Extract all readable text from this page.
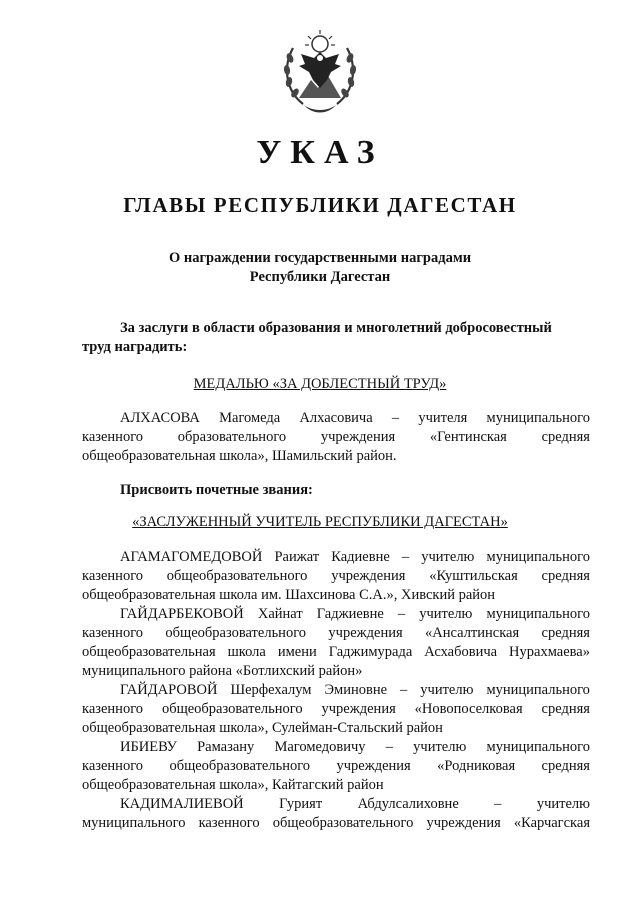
УКАЗ
ГЛАВЫ РЕСПУБЛИКИ ДАГЕСТАН
О награждении государственными наградами
Республики Дагестан
За заслуги в области образования и многолетний добросовестный
труд наградить:
МЕДАЛЬЮ «ЗА ДОБЛЕСТНЫЙ ТРУД»
АЛХАСОВА Магомеда Алхасовича – учителя муниципального
казенного образовательного учреждения «Гентинская средняя
общеобразовательная школа», Шамильский район.
Присвоить почетные звания:
«ЗАСЛУЖЕННЫЙ УЧИТЕЛЬ РЕСПУБЛИКИ ДАГЕСТАН»
АГАМАГОМЕДОВОЙ Раижат Кадиевне – учителю муниципального
казенного общеобразовательного учреждения «Куштильская средняя
общеобразовательная школа им. Шахсинова С.А.», Хивский район
ГАЙДАРБЕКОВОЙ Хайнат Гаджиевне – учителю муниципального
казенного общеобразовательного учреждения «Ансалтинская средняя
общеобразовательная школа имени Гаджимурада Асхабовича Нурахмаева»
муниципального района «Ботлихский район»
ГАЙДАРОВОЙ Шерфехалум Эминовне – учителю муниципального
казенного общеобразовательного учреждения «Новопоселковая средняя
общеобразовательная школа», Сулейман-Стальский район
ИБИЕВУ Рамазану Магомедовичу – учителю муниципального
казенного общеобразовательного учреждения «Родниковая средняя
общеобразовательная школа», Кайтагский район
КАДИМАЛИЕВОЙ Гурият Абдулсалиховне – учителю
муниципального казенного общеобразовательного учреждения «Карчагская
